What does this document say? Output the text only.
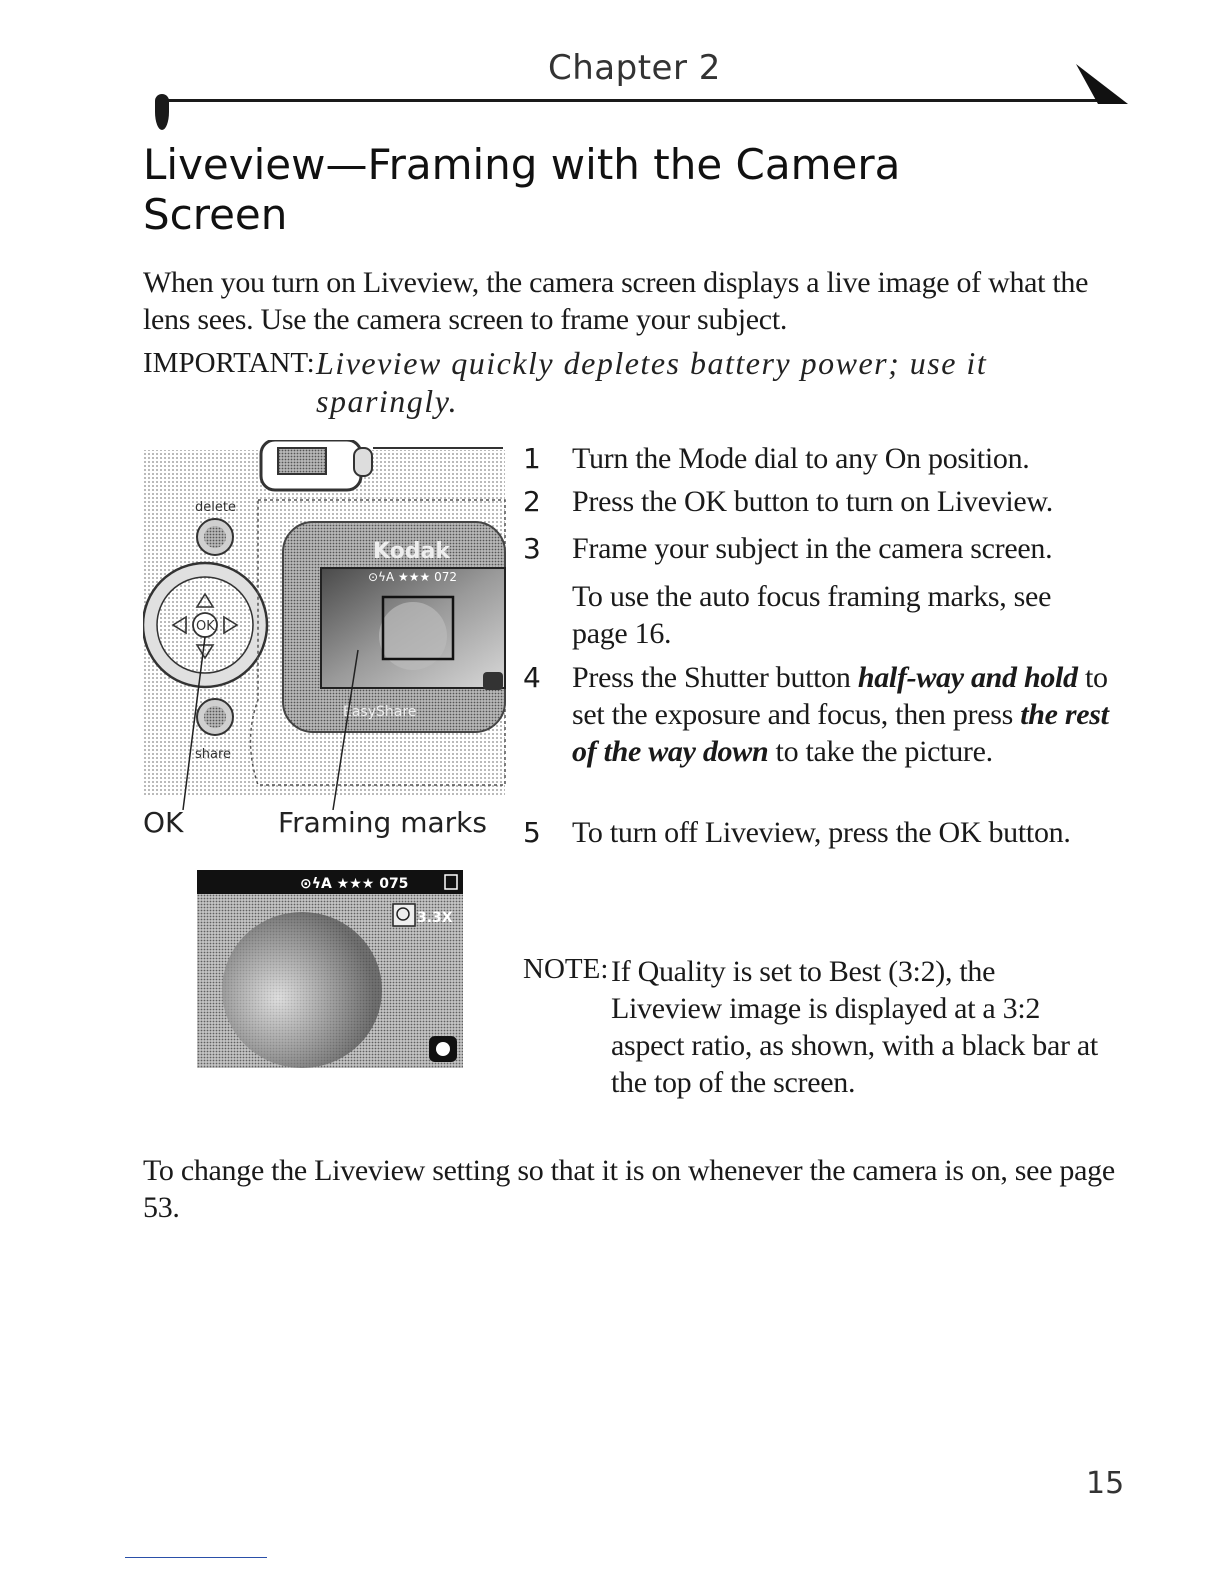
Chapter 2
Liveview—Framing with the Camera
Screen
When you turn on Liveview, the camera screen displays a live image of what the lens sees. Use the camera screen to frame your subject.
IMPORTANT: Liveview quickly depletes battery power; use it sparingly.
delete
OK
share
Kodak
⊙ϟA ★★★ 072
EasyShare
OK	Framing marks
1 Turn the Mode dial to any On position.
2 Press the OK button to turn on Liveview.
3 Frame your subject in the camera screen.
To use the auto focus framing marks, see page 16.
4 Press the Shutter button half-way and hold to set the exposure and focus, then press the rest of the way down to take the picture.
5 To turn off Liveview, press the OK button.
⊙ϟA ★★★ 075
3.3X
NOTE: If Quality is set to Best (3:2), the Liveview image is displayed at a 3:2 aspect ratio, as shown, with a black bar at the top of the screen.
To change the Liveview setting so that it is on whenever the camera is on, see page 53.
15
